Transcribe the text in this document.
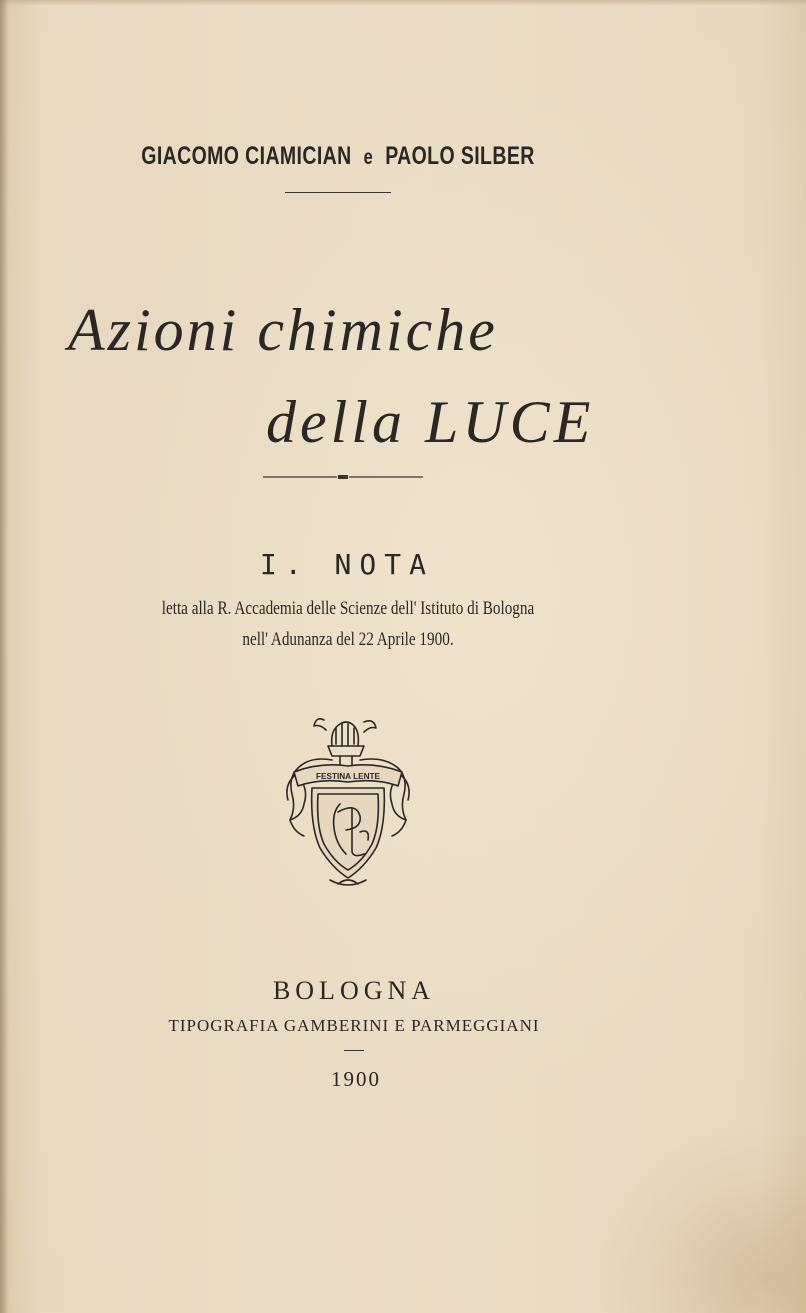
GIACOMO CIAMICIAN e PAOLO SILBER
Azioni chimiche
della LUCE
I. NOTA
letta alla R. Accademia delle Scienze dell' Istituto di Bologna
nell' Adunanza del 22 Aprile 1900.
FESTINA LENTE
BOLOGNA
TIPOGRAFIA GAMBERINI E PARMEGGIANI
1900
